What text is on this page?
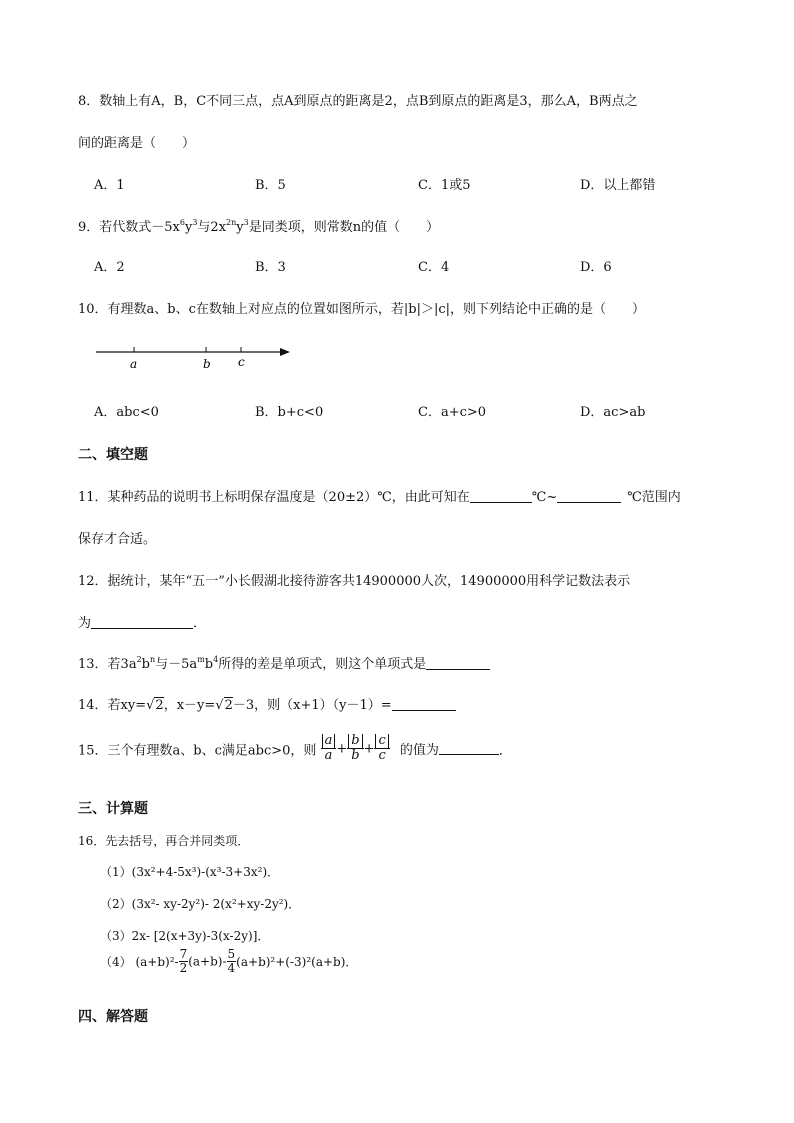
8．数轴上有A，B，C不同三点，点A到原点的距离是2，点B到原点的距离是3，那么A，B两点之
间的距离是（　　）
A．1	B．5	C．1或5	D．以上都错
9．若代数式$-5x^6y^3$与$2x^{2n}y^3$是同类项，则常数n的值（　　）
A．2	B．3	C．4	D．6
10．有理数a、b、c在数轴上对应点的位置如图所示，若|b|＞|c|，则下列结论中正确的是（　　）
a	b c
A．abc<0	B．b+c<0	C．a+c>0	D．ac>ab
二、填空题
11．某种药品的说明书上标明保存温度是（20±2）℃，由此可知在	℃~	℃范围内
保存才合适。
12．据统计，某年“五一”小长假湖北接待游客共14900000人次，14900000用科学记数法表示
为	．
13．若$3a^2b^n$与$-5a^mb^4$所得的差是单项式，则这个单项式是
14．若xy=√2，x－y=√2－3，则（x+1）（y－1）=
15．三个有理数a、b、c满足abc>0，则 $\frac{a}{a} + \frac{b}{b} + \frac{c}{c}$ 的值为	．
三、计算题
16．先去括号，再合并同类项．
（1）(3x²+4-5x³)-(x³-3+3x²)．
（2）(3x²- xy-2y²)- 2(x²+xy-2y²)．
（3）2x- [2(x+3y)-3(x-2y)]．
（4） $(a+b)^2- \frac{7}{2} (a+b)- \frac{5}{4} (a+b)^2+(-3)^2(a+b)$．
四、解答题
